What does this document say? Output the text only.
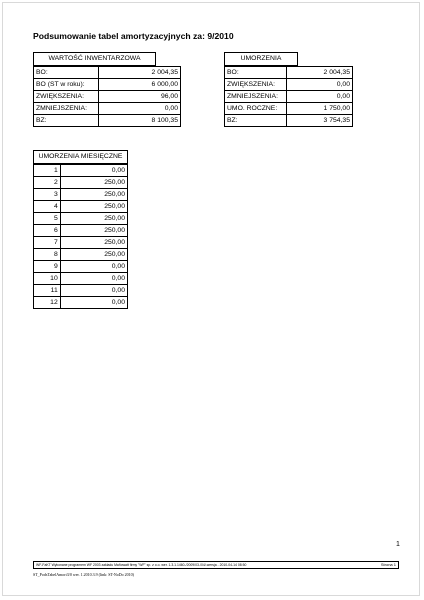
Podsumowanie tabel amortyzacyjnych za: 9/2010
WARTOŚĆ INWENTARZOWA
BO:	2 004,35
BO (ST w roku):	6 000,00
ZWIĘKSZENIA:	96,00
ZMNIEJSZENIA:	0,00
BZ:	8 100,35
UMORZENIA
BO:	2 004,35
ZWIĘKSZENIA:	0,00
ZMNIEJSZENIA:	0,00
UMO. ROCZNE:	1 750,00
BZ:	3 754,35
UMORZENIA MIESIĘCZNE
1	0,00
2	250,00
3	250,00
4	250,00
5	250,00
6	250,00
7	250,00
8	250,00
9	0,00
10	0,00
11	0,00
12	0,00
1
WF-FaKT Wykonane programem WF 2003 zakładu Mañowatt firmy "WF" sp. z o.o. wer. 1.3.1.1460-/2009/03-/04/-wersja - 2010-04-14 08:50	Strona 1
ST_PodsTabelAmort3/0 wer. 1.2010.3.9 (link: ST-NoDo 2010)
